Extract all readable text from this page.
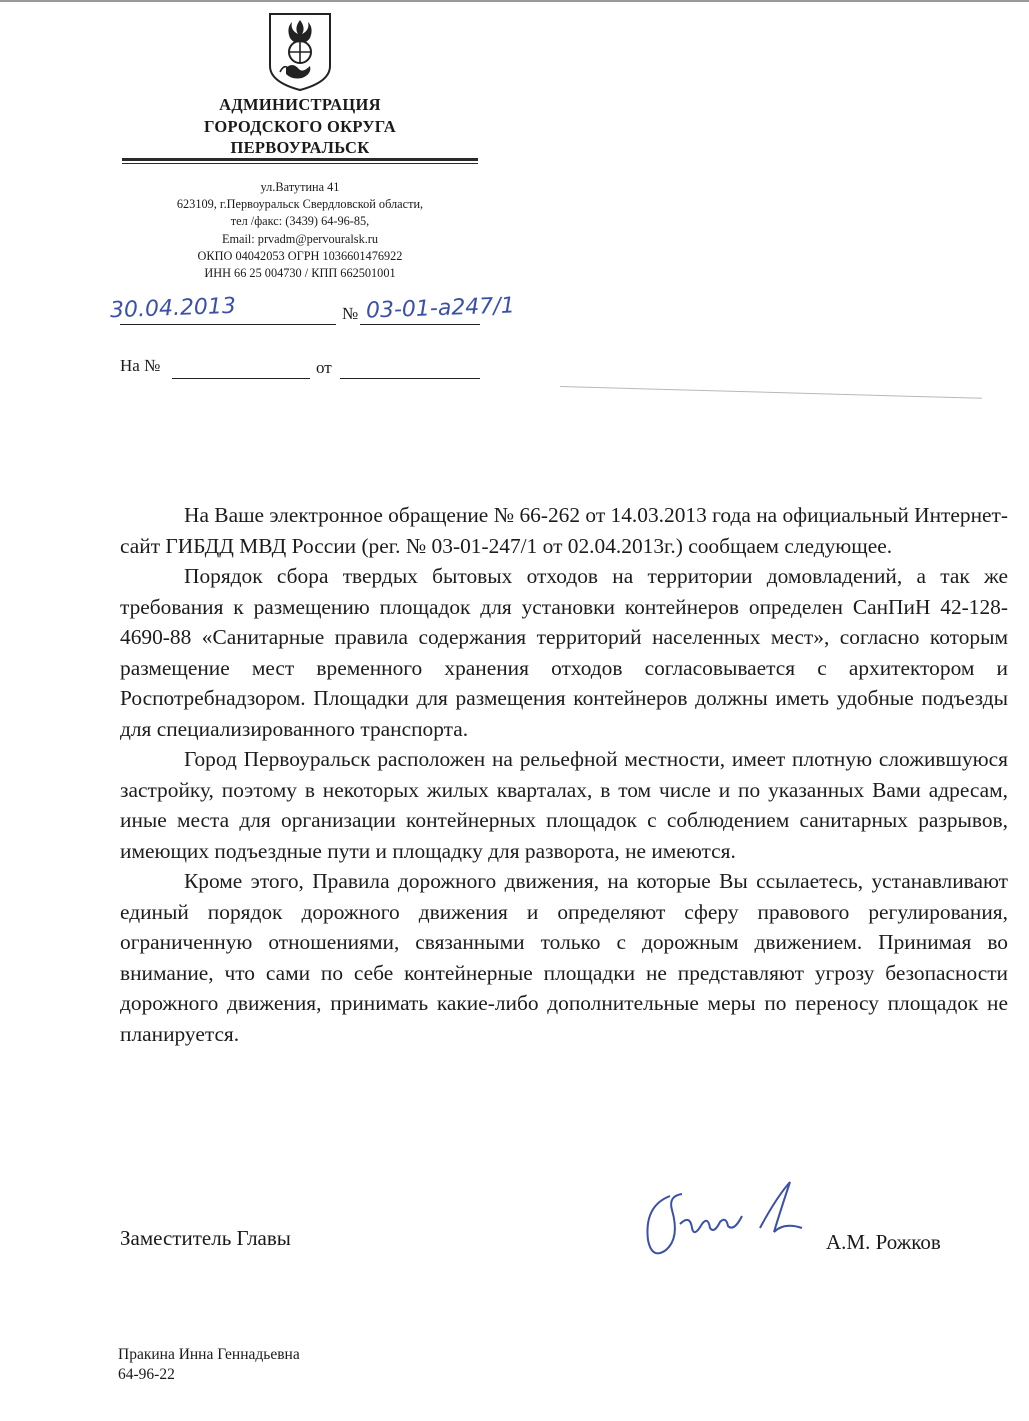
АДМИНИСТРАЦИЯ
ГОРОДСКОГО ОКРУГА
ПЕРВОУРАЛЬСК
ул.Ватутина 41
623109, г.Первоуральск Свердловской области,
тел /факс: (3439) 64-96-85,
Email: prvadm@pervouralsk.ru
ОКПО 04042053 ОГРН 1036601476922
ИНН 66 25 004730 / КПП 662501001
30.04.2013	№ 03-01-а247/1
На №	от

На Ваше электронное обращение № 66-262 от 14.03.2013 года на официальный Интернет-сайт ГИБДД МВД России (рег. № 03-01-247/1 от 02.04.2013г.) сообщаем следующее.

Порядок сбора твердых бытовых отходов на территории домовладений, а так же требования к размещению площадок для установки контейнеров определен СанПиН 42-128-4690-88 «Санитарные правила содержания территорий населенных мест», согласно которым размещение мест временного хранения отходов согласовывается с архитектором и Роспотребнадзором. Площадки для размещения контейнеров должны иметь удобные подъезды для специализированного транспорта.

Город Первоуральск расположен на рельефной местности, имеет плотную сложившуюся застройку, поэтому в некоторых жилых кварталах, в том числе и по указанных Вами адресам, иные места для организации контейнерных площадок с соблюдением санитарных разрывов, имеющих подъездные пути и площадку для разворота, не имеются.

Кроме этого, Правила дорожного движения, на которые Вы ссылаетесь, устанавливают единый порядок дорожного движения и определяют сферу правового регулирования, ограниченную отношениями, связанными только с дорожным движением. Принимая во внимание, что сами по себе контейнерные площадки не представляют угрозу безопасности дорожного движения, принимать какие-либо дополнительные меры по переносу площадок не планируется.

Заместитель Главы	А.М. Рожков
Пракина Инна Геннадьевна
64-96-22
